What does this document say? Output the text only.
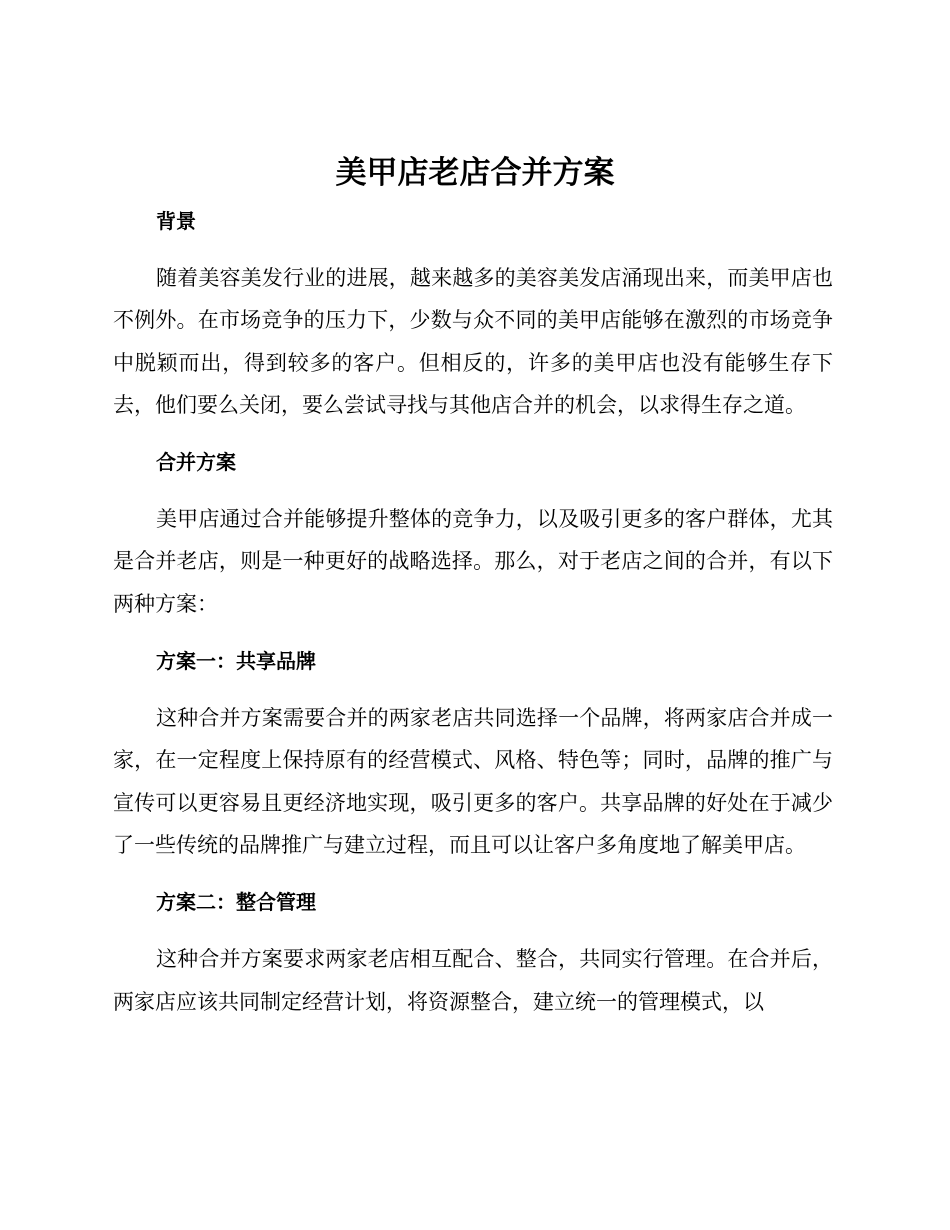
美甲店老店合并方案
背景

随着美容美发行业的进展，越来越多的美容美发店涌现出来，而美甲店也不例外。在市场竞争的压力下，少数与众不同的美甲店能够在激烈的市场竞争中脱颖而出，得到较多的客户。但相反的，许多的美甲店也没有能够生存下去，他们要么关闭，要么尝试寻找与其他店合并的机会，以求得生存之道。

合并方案

美甲店通过合并能够提升整体的竞争力，以及吸引更多的客户群体，尤其是合并老店，则是一种更好的战略选择。那么，对于老店之间的合并，有以下两种方案：

方案一：共享品牌

这种合并方案需要合并的两家老店共同选择一个品牌，将两家店合并成一家，在一定程度上保持原有的经营模式、风格、特色等；同时，品牌的推广与宣传可以更容易且更经济地实现，吸引更多的客户。共享品牌的好处在于减少了一些传统的品牌推广与建立过程，而且可以让客户多角度地了解美甲店。

方案二：整合管理

这种合并方案要求两家老店相互配合、整合，共同实行管理。在合并后，两家店应该共同制定经营计划，将资源整合，建立统一的管理模式，以
